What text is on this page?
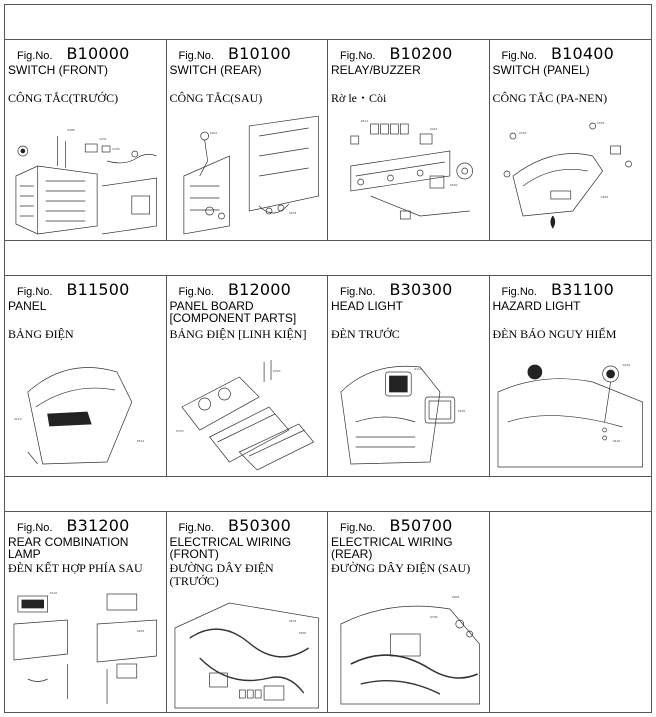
Fig.No. B10000
SWITCH (FRONT)
CÔNG TẮC(TRƯỚC)
1231
1230
0285
Fig.No. B10100
SWITCH (REAR)
CÔNG TẮC(SAU)
0202
0203
Fig.No. B10200
RELAY/BUZZER
Rờ le・Còi
0411
0414
0420
Fig.No. B10400
SWITCH (PANEL)
CÔNG TẮC (PA-NEN)
0703
0705
0700
Fig.No. B11500
PANEL
BẢNG ĐIỆN
0110
0511
Fig.No. B12000
PANEL BOARD
[COMPONENT PARTS]
BẢNG ĐIỆN [LINH KIỆN]
0203
0370
Fig.No. B30300
HEAD LIGHT
ĐÈN TRƯỚC
0110
0120
Fig.No. B31100
HAZARD LIGHT
ĐÈN BÁO NGUY HIỂM
0110
0410
Fig.No. B31200
REAR COMBINATION
LAMP
ĐÈN KẾT HỢP PHÍA SAU
0110
0205
Fig.No. B50300
ELECTRICAL WIRING
(FRONT)
ĐƯỜNG DÂY ĐIỆN
(TRƯỚC)
0102
0300
Fig.No. B50700
ELECTRICAL WIRING
(REAR)
ĐƯỜNG DÂY ĐIỆN (SAU)
0903
0700
